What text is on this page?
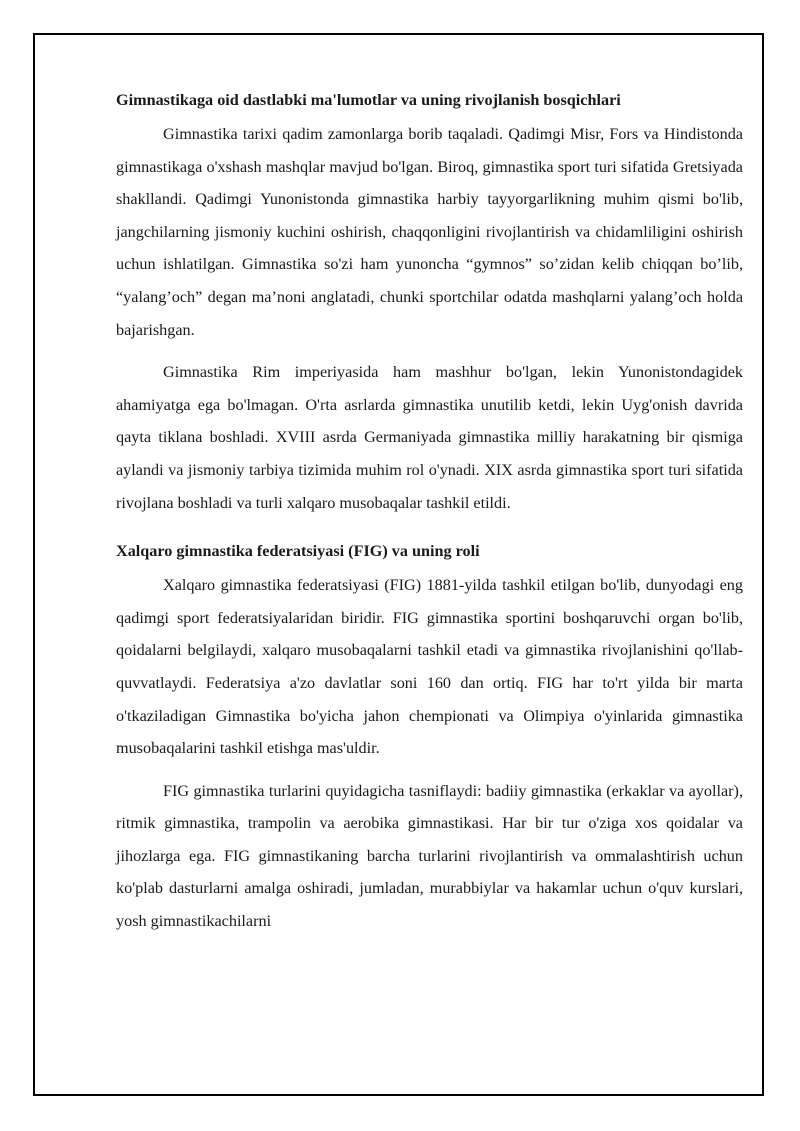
Gimnastikaga oid dastlabki ma'lumotlar va uning rivojlanish bosqichlari

Gimnastika tarixi qadim zamonlarga borib taqaladi. Qadimgi Misr, Fors va Hindistonda gimnastikaga o'xshash mashqlar mavjud bo'lgan. Biroq, gimnastika sport turi sifatida Gretsiyada shakllandi. Qadimgi Yunonistonda gimnastika harbiy tayyorgarlikning muhim qismi bo'lib, jangchilarning jismoniy kuchini oshirish, chaqqonligini rivojlantirish va chidamliligini oshirish uchun ishlatilgan. Gimnastika so'zi ham yunoncha “gymnos” so’zidan kelib chiqqan bo’lib, “yalang’och” degan ma’noni anglatadi, chunki sportchilar odatda mashqlarni yalang’och holda bajarishgan.

Gimnastika Rim imperiyasida ham mashhur bo'lgan, lekin Yunonistondagidek ahamiyatga ega bo'lmagan. O'rta asrlarda gimnastika unutilib ketdi, lekin Uyg'onish davrida qayta tiklana boshladi. XVIII asrda Germaniyada gimnastika milliy harakatning bir qismiga aylandi va jismoniy tarbiya tizimida muhim rol o'ynadi. XIX asrda gimnastika sport turi sifatida rivojlana boshladi va turli xalqaro musobaqalar tashkil etildi.

Xalqaro gimnastika federatsiyasi (FIG) va uning roli

Xalqaro gimnastika federatsiyasi (FIG) 1881-yilda tashkil etilgan bo'lib, dunyodagi eng qadimgi sport federatsiyalaridan biridir. FIG gimnastika sportini boshqaruvchi organ bo'lib, qoidalarni belgilaydi, xalqaro musobaqalarni tashkil etadi va gimnastika rivojlanishini qo'llab-quvvatlaydi. Federatsiya a'zo davlatlar soni 160 dan ortiq. FIG har to'rt yilda bir marta o'tkaziladigan Gimnastika bo'yicha jahon chempionati va Olimpiya o'yinlarida gimnastika musobaqalarini tashkil etishga mas'uldir.

FIG gimnastika turlarini quyidagicha tasniflaydi: badiiy gimnastika (erkaklar va ayollar), ritmik gimnastika, trampolin va aerobika gimnastikasi. Har bir tur o'ziga xos qoidalar va jihozlarga ega. FIG gimnastikaning barcha turlarini rivojlantirish va ommalashtirish uchun ko'plab dasturlarni amalga oshiradi, jumladan, murabbiylar va hakamlar uchun o'quv kurslari, yosh gimnastikachilarni
